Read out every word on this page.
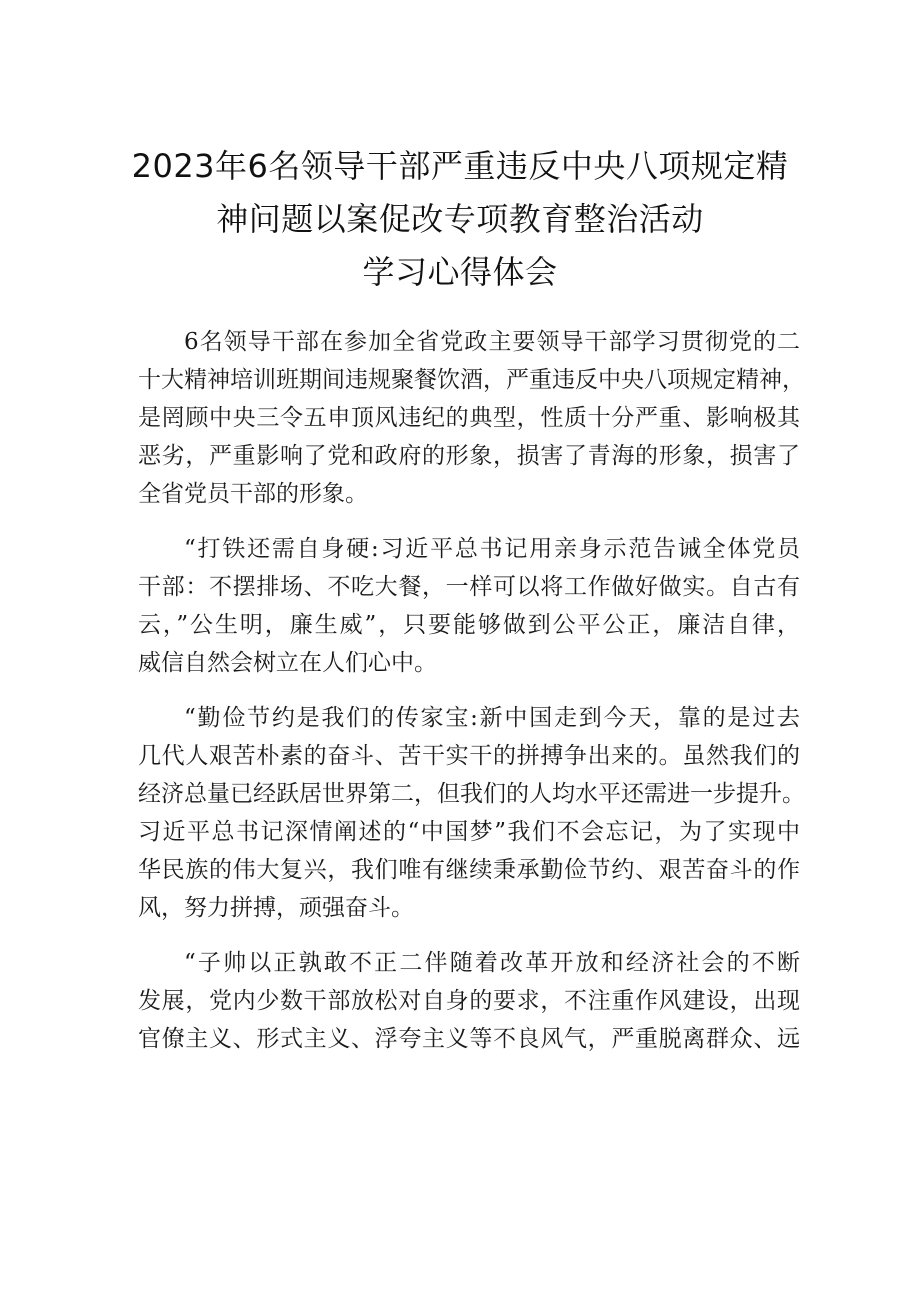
2023年6名领导干部严重违反中央八项规定精
神问题以案促改专项教育整治活动
学习心得体会
6名领导干部在参加全省党政主要领导干部学习贯彻党的二
十大精神培训班期间违规聚餐饮酒，严重违反中央八项规定精神，
是罔顾中央三令五申顶风违纪的典型，性质十分严重、影响极其
恶劣，严重影响了党和政府的形象，损害了青海的形象，损害了
全省党员干部的形象。
“打铁还需自身硬:习近平总书记用亲身示范告诫全体党员
干部：不摆排场、不吃大餐，一样可以将工作做好做实。自古有
云，”公生明，廉生威”，只要能够做到公平公正，廉洁自律，
威信自然会树立在人们心中。
“勤俭节约是我们的传家宝:新中国走到今天，靠的是过去
几代人艰苦朴素的奋斗、苦干实干的拼搏争出来的。虽然我们的
经济总量已经跃居世界第二，但我们的人均水平还需进一步提升。
习近平总书记深情阐述的“中国梦”我们不会忘记，为了实现中
华民族的伟大复兴，我们唯有继续秉承勤俭节约、艰苦奋斗的作
风，努力拼搏，顽强奋斗。
“子帅以正孰敢不正二伴随着改革开放和经济社会的不断
发展，党内少数干部放松对自身的要求，不注重作风建设，出现
官僚主义、形式主义、浮夸主义等不良风气，严重脱离群众、远
